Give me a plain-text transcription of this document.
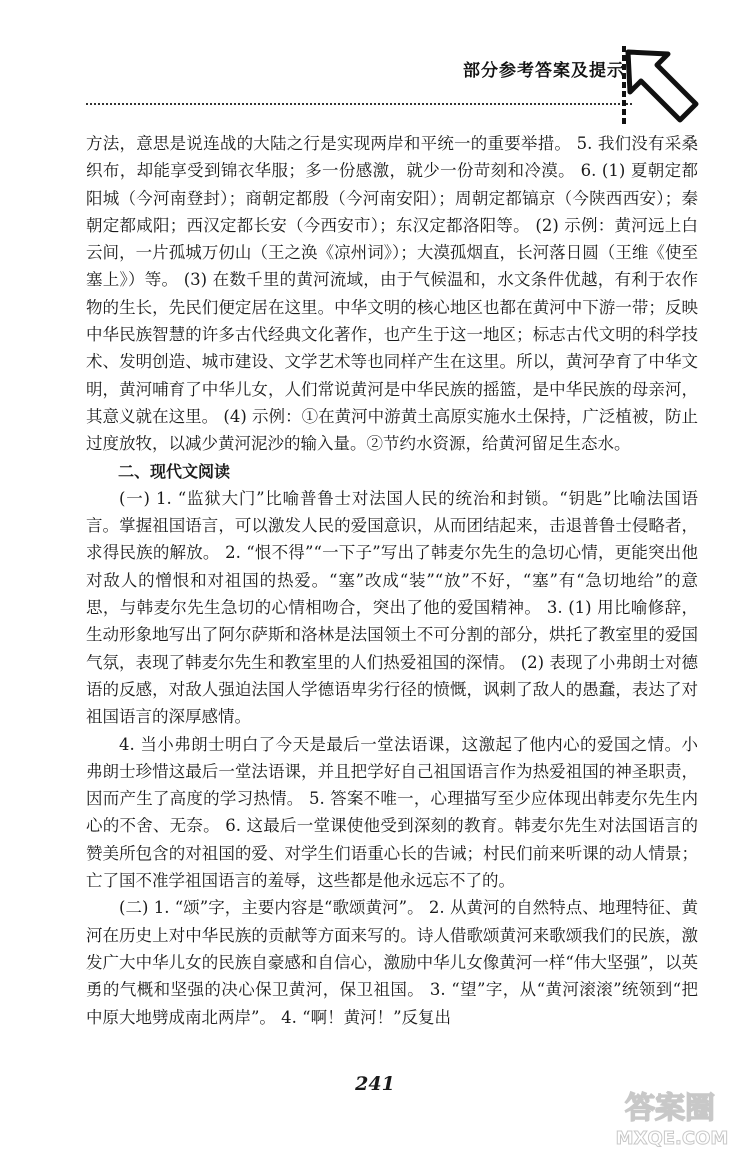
部分参考答案及提示

方法，意思是说连战的大陆之行是实现两岸和平统一的重要举措。 5. 我们没有采桑织布，却能享受到锦衣华服；多一份感激，就少一份苛刻和冷漠。 6. (1) 夏朝定都阳城（今河南登封）；商朝定都殷（今河南安阳）；周朝定都镐京（今陕西西安）；秦朝定都咸阳；西汉定都长安（今西安市）；东汉定都洛阳等。 (2) 示例：黄河远上白云间，一片孤城万仞山（王之涣《凉州词》）；大漠孤烟直，长河落日圆（王维《使至塞上》）等。 (3) 在数千里的黄河流域，由于气候温和，水文条件优越，有利于农作物的生长，先民们便定居在这里。中华文明的核心地区也都在黄河中下游一带；反映中华民族智慧的许多古代经典文化著作，也产生于这一地区；标志古代文明的科学技术、发明创造、城市建设、文学艺术等也同样产生在这里。所以，黄河孕育了中华文明，黄河哺育了中华儿女，人们常说黄河是中华民族的摇篮，是中华民族的母亲河，其意义就在这里。 (4) 示例：①在黄河中游黄土高原实施水土保持，广泛植被，防止过度放牧，以减少黄河泥沙的输入量。②节约水资源，给黄河留足生态水。

二、现代文阅读

(一) 1. “监狱大门”比喻普鲁士对法国人民的统治和封锁。“钥匙”比喻法国语言。掌握祖国语言，可以激发人民的爱国意识，从而团结起来，击退普鲁士侵略者，求得民族的解放。 2. “恨不得”“一下子”写出了韩麦尔先生的急切心情，更能突出他对敌人的憎恨和对祖国的热爱。“塞”改成“装”“放”不好，“塞”有“急切地给”的意思，与韩麦尔先生急切的心情相吻合，突出了他的爱国精神。 3. (1) 用比喻修辞，生动形象地写出了阿尔萨斯和洛林是法国领土不可分割的部分，烘托了教室里的爱国气氛，表现了韩麦尔先生和教室里的人们热爱祖国的深情。 (2) 表现了小弗朗士对德语的反感，对敌人强迫法国人学德语卑劣行径的愤慨，讽刺了敌人的愚蠢，表达了对祖国语言的深厚感情。

4. 当小弗朗士明白了今天是最后一堂法语课，这激起了他内心的爱国之情。小弗朗士珍惜这最后一堂法语课，并且把学好自己祖国语言作为热爱祖国的神圣职责，因而产生了高度的学习热情。 5. 答案不唯一，心理描写至少应体现出韩麦尔先生内心的不舍、无奈。 6. 这最后一堂课使他受到深刻的教育。韩麦尔先生对法国语言的赞美所包含的对祖国的爱、对学生们语重心长的告诫；村民们前来听课的动人情景；亡了国不准学祖国语言的羞辱，这些都是他永远忘不了的。

(二) 1. “颂”字，主要内容是“歌颂黄河”。 2. 从黄河的自然特点、地理特征、黄河在历史上对中华民族的贡献等方面来写的。诗人借歌颂黄河来歌颂我们的民族，激发广大中华儿女的民族自豪感和自信心，激励中华儿女像黄河一样“伟大坚强”，以英勇的气概和坚强的决心保卫黄河，保卫祖国。 3. “望”字，从“黄河滚滚”统领到“把中原大地劈成南北两岸”。 4. “啊！黄河！”反复出

241
答案圈
MXQE.COM
